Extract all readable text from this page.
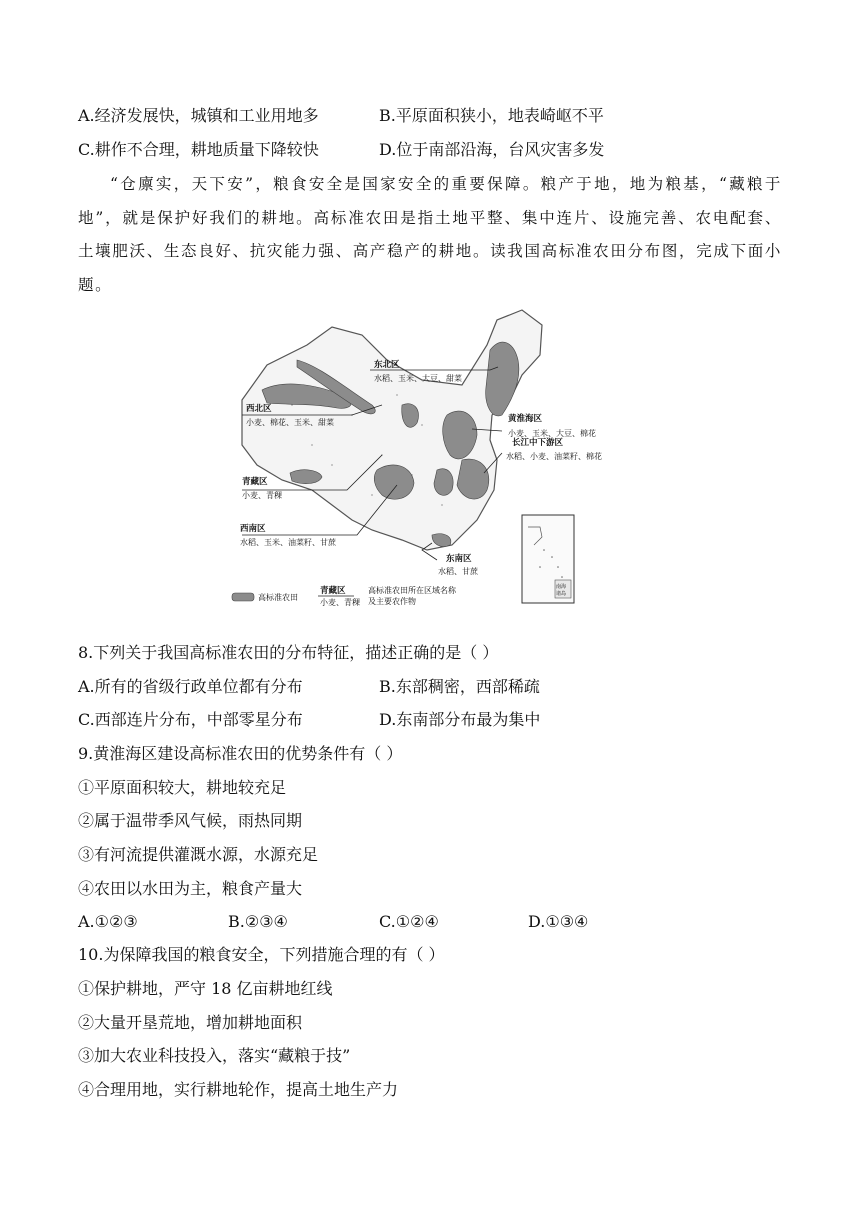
A.经济发展快，城镇和工业用地多	B.平原面积狭小，地表崎岖不平
C.耕作不合理，耕地质量下降较快	D.位于南部沿海，台风灾害多发
“仓廪实，天下安”，粮食安全是国家安全的重要保障。粮产于地，地为粮基，“藏粮于地”，就是保护好我们的耕地。高标准农田是指土地平整、集中连片、设施完善、农电配套、土壤肥沃、生态良好、抗灾能力强、高产稳产的耕地。读我国高标准农田分布图，完成下面小题。
东北区
水稻、玉米、大豆、甜菜
西北区
小麦、棉花、玉米、甜菜	黄淮海区
小麦、玉米、大豆、棉花
长江中下游区
水稻、小麦、油菜籽、棉花
青藏区
小麦、青稞
西南区
水稻、玉米、油菜籽、甘蔗
东南区
水稻、甘蔗
南海
诸岛
高标准农田
青藏区
小麦、青稞
高标准农田所在区域名称
及主要农作物
8.下列关于我国高标准农田的分布特征，描述正确的是（ ）
A.所有的省级行政单位都有分布	B.东部稠密，西部稀疏
C.西部连片分布，中部零星分布	D.东南部分布最为集中
9.黄淮海区建设高标准农田的优势条件有（ ）
①平原面积较大，耕地较充足
②属于温带季风气候，雨热同期
③有河流提供灌溉水源，水源充足
④农田以水田为主，粮食产量大
A.①②③	B.②③④	C.①②④	D.①③④
10.为保障我国的粮食安全，下列措施合理的有（ ）
①保护耕地，严守 18 亿亩耕地红线
②大量开垦荒地，增加耕地面积
③加大农业科技投入，落实“藏粮于技”
④合理用地，实行耕地轮作，提高土地生产力
